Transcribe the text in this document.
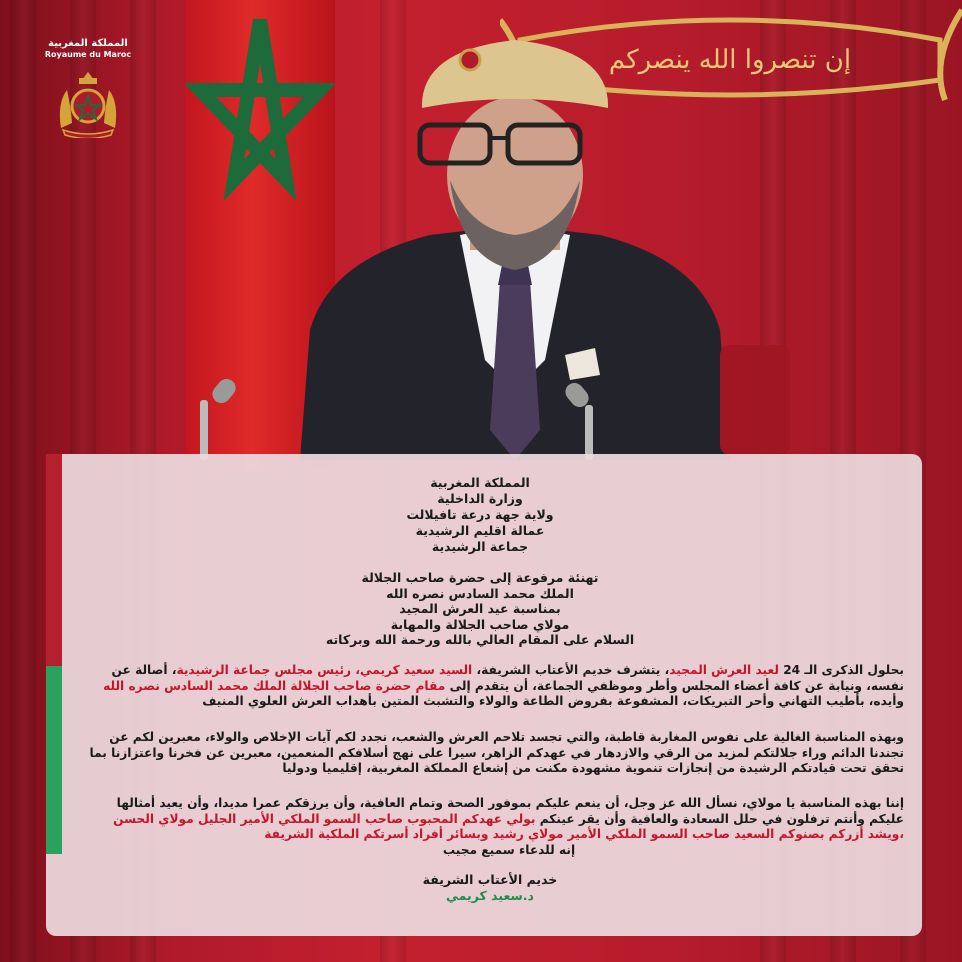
إن تنصروا الله ينصركم
المملكة المغربية
Royaume du Maroc
المملكة المغربية
وزارة الداخلية
ولاية جهة درعة تافيلالت
عمالة اقليم الرشيدية
جماعة الرشيدية
تهنئة مرفوعة إلى حضرة صاحب الجلالة
الملك محمد السادس نصره الله
بمناسبة عيد العرش المجيد
مولاي صاحب الجلالة والمهابة
السلام على المقام العالي بالله ورحمة الله وبركاته
بحلول الذكرى الـ 24 لعيد العرش المجيد، يتشرف خديم الأعتاب الشريفة، السيد سعيد كريمي، رئيس مجلس جماعة الرشيدية، أصالة عن
نفسه، ونيابة عن كافة أعضاء المجلس وأطر وموظفي الجماعة، أن يتقدم إلى مقام حضرة صاحب الجلالة الملك محمد السادس نصره الله
وأيده، بأطيب التهاني وأحر التبريكات، المشفوعة بفروض الطاعة والولاء والتشبث المتين بأهداب العرش العلوي المنيف
وبهذه المناسبة الغالية على نفوس المغاربة قاطبة، والتي تجسد تلاحم العرش والشعب، نجدد لكم آيات الإخلاص والولاء، معبرين لكم عن
تجندنا الدائم وراء جلالتكم لمزيد من الرقي والازدهار في عهدكم الزاهر، سيرا على نهج أسلافكم المنعمين، معبرين عن فخرنا واعتزازنا بما
تحقق تحت قيادتكم الرشيدة من إنجازات تنموية مشهودة مكنت من إشعاع المملكة المغربية، إقليميا ودوليا
إننا بهذه المناسبة يا مولاي، نسأل الله عز وجل، أن ينعم عليكم بموفور الصحة وتمام العافية، وأن يرزقكم عمرا مديدا، وأن يعيد أمثالها
عليكم وأنتم ترفلون في حلل السعادة والعافية وأن يقر عينكم بولي عهدكم المحبوب صاحب السمو الملكي الأمير الجليل مولاي الحسن
،ويشد أزركم بصنوكم السعيد صاحب السمو الملكي الأمير مولاي رشيد وبسائر أفراد أسرتكم الملكية الشريفة
إنه للدعاء سميع مجيب
خديم الأعتاب الشريفة
د.سعيد كريمي
